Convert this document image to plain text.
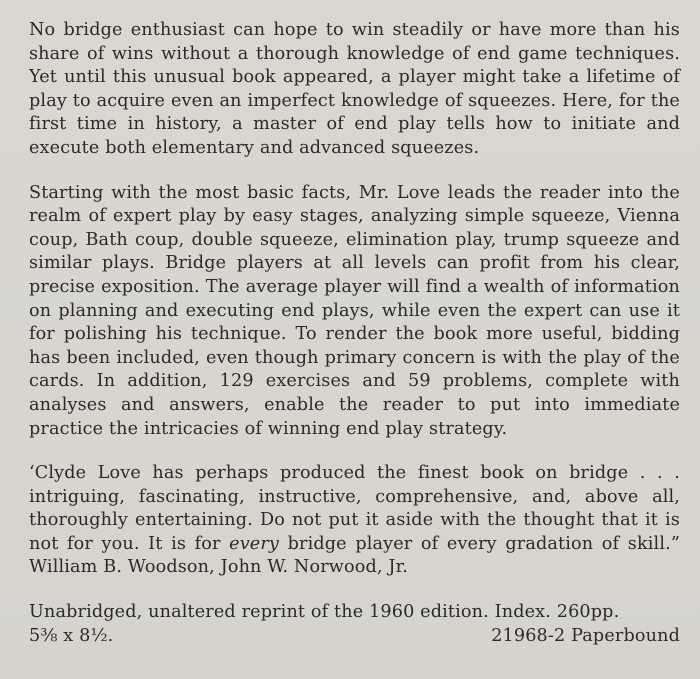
No bridge enthusiast can hope to win steadily or have more than his share of wins without a thorough knowledge of end game techniques. Yet until this unusual book appeared, a player might take a lifetime of play to acquire even an imperfect knowledge of squeezes. Here, for the first time in history, a master of end play tells how to initiate and execute both elementary and advanced squeezes.

Starting with the most basic facts, Mr. Love leads the reader into the realm of expert play by easy stages, analyzing simple squeeze, Vienna coup, Bath coup, double squeeze, elimination play, trump squeeze and similar plays. Bridge players at all levels can profit from his clear, precise exposition. The average player will find a wealth of information on planning and executing end plays, while even the expert can use it for polishing his technique. To render the book more useful, bidding has been included, even though primary concern is with the play of the cards. In addition, 129 exercises and 59 problems, complete with analyses and answers, enable the reader to put into immediate practice the intricacies of winning end play strategy.

‘Clyde Love has perhaps produced the finest book on bridge . . . intriguing, fascinating, instructive, comprehensive, and, above all, thoroughly entertaining. Do not put it aside with the thought that it is not for you. It is for every bridge player of every gradation of skill.” William B. Woodson, John W. Norwood, Jr.

Unabridged, unaltered reprint of the 1960 edition. Index. 260pp.
5⅜ x 8½.	21968-2 Paperbound
